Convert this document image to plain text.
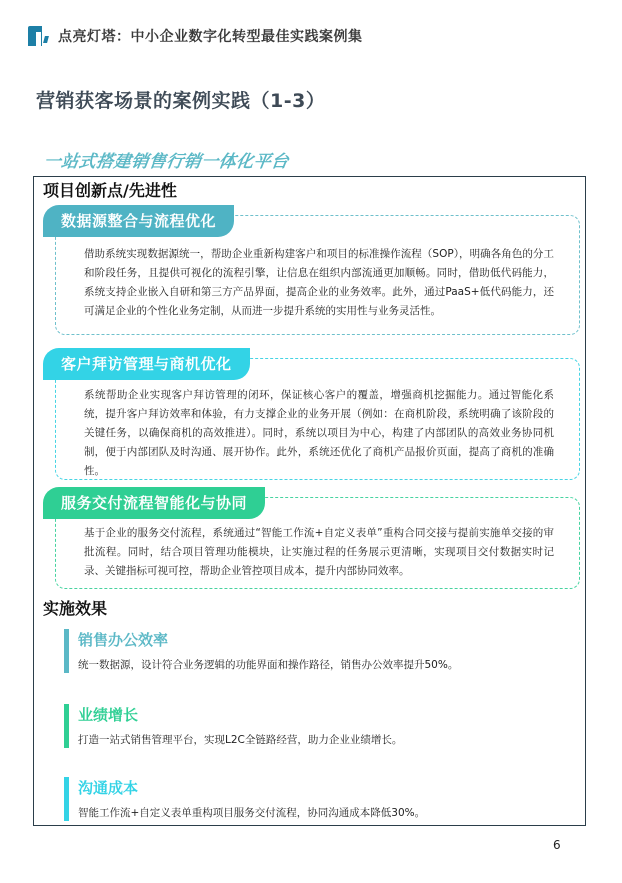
点亮灯塔：中小企业数字化转型最佳实践案例集
营销获客场景的案例实践（1-3）
一站式搭建销售行销一体化平台
项目创新点/先进性
数据源整合与流程优化
借助系统实现数据源统一，帮助企业重新构建客户和项目的标准操作流程（SOP），明确各角色的分工和阶段任务，且提供可视化的流程引擎，让信息在组织内部流通更加顺畅。同时，借助低代码能力，系统支持企业嵌入自研和第三方产品界面，提高企业的业务效率。此外，通过PaaS+低代码能力，还可满足企业的个性化业务定制，从而进一步提升系统的实用性与业务灵活性。
客户拜访管理与商机优化
系统帮助企业实现客户拜访管理的闭环，保证核心客户的覆盖，增强商机挖掘能力。通过智能化系统，提升客户拜访效率和体验，有力支撑企业的业务开展（例如：在商机阶段，系统明确了该阶段的关键任务，以确保商机的高效推进）。同时，系统以项目为中心，构建了内部团队的高效业务协同机制，便于内部团队及时沟通、展开协作。此外，系统还优化了商机产品报价页面，提高了商机的准确性。
服务交付流程智能化与协同
基于企业的服务交付流程，系统通过“智能工作流+自定义表单”重构合同交接与提前实施单交接的审批流程。同时，结合项目管理功能模块，让实施过程的任务展示更清晰，实现项目交付数据实时记录、关键指标可视可控，帮助企业管控项目成本，提升内部协同效率。
实施效果
销售办公效率
统一数据源，设计符合业务逻辑的功能界面和操作路径，销售办公效率提升50%。
业绩增长
打造一站式销售管理平台，实现L2C全链路经营，助力企业业绩增长。
沟通成本
智能工作流+自定义表单重构项目服务交付流程，协同沟通成本降低30%。
6
